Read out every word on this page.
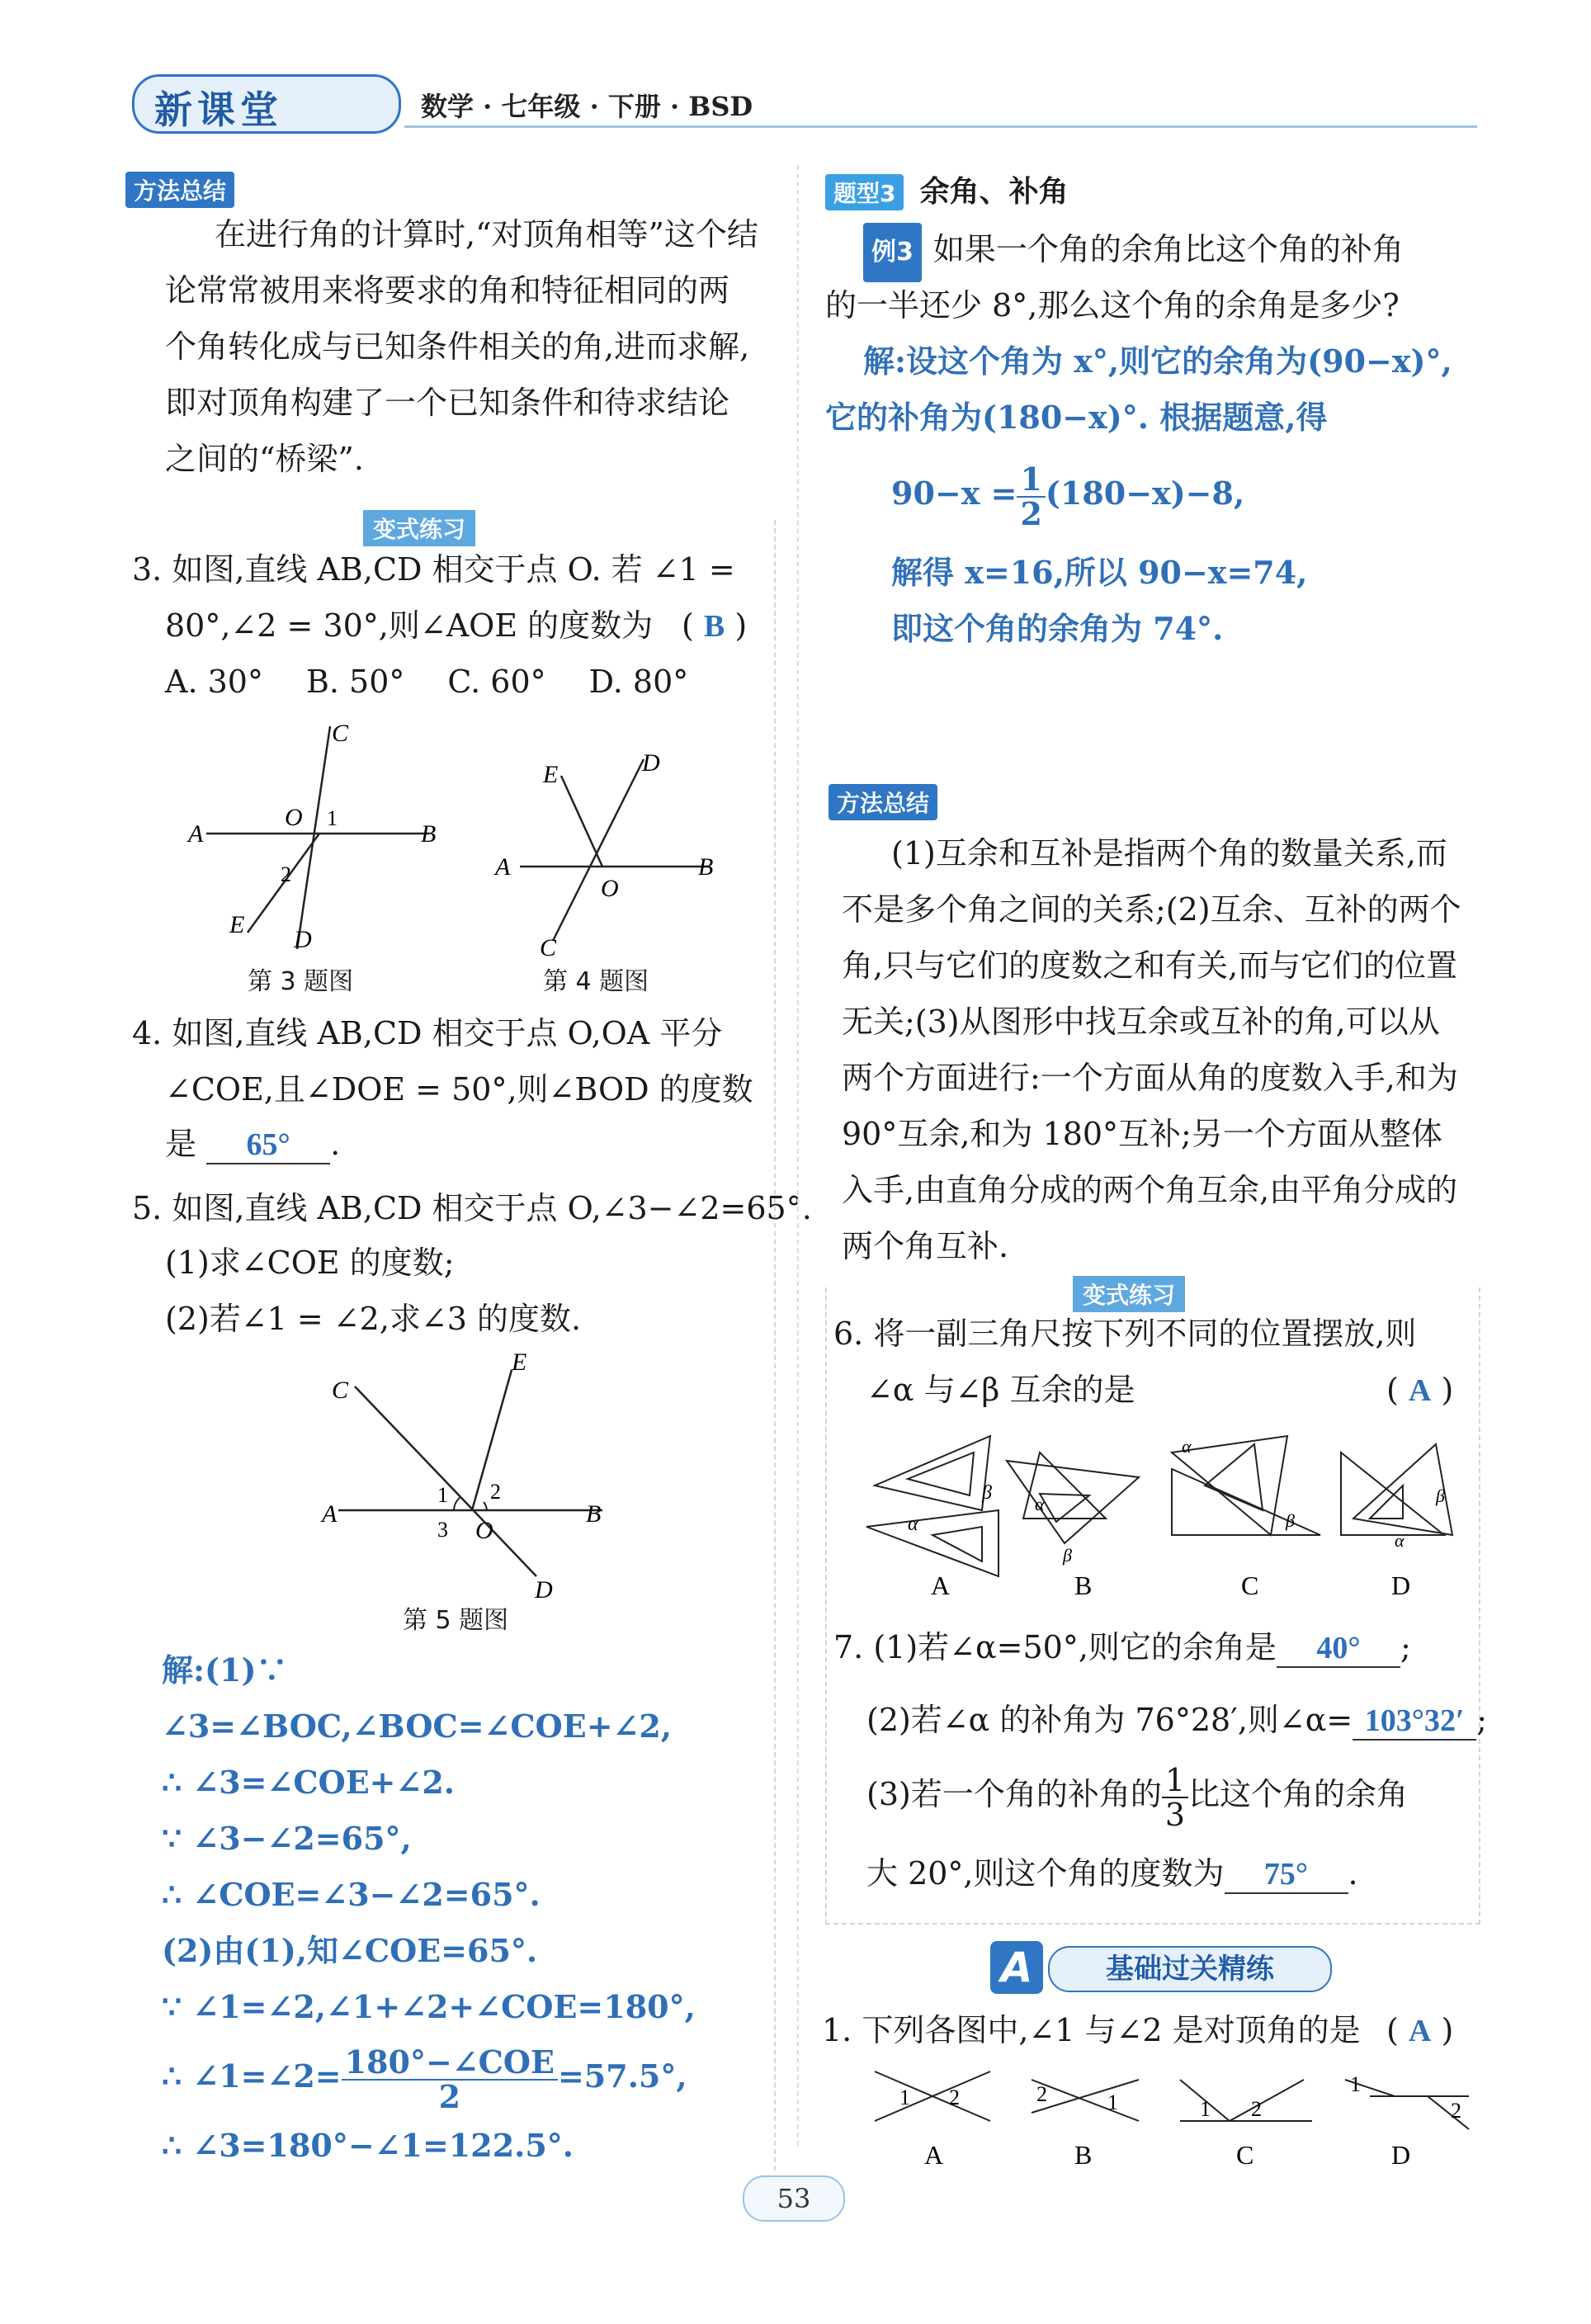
新课堂	数学 · 七年级 · 下册 · BSD
方法总结
在进行角的计算时,“对顶角相等”这个结论常常被用来将要求的角和特征相同的两个角转化成与已知条件相关的角,进而求解,即对顶角构建了一个已知条件和待求结论之间的“桥梁”.
变式练习
3. 如图,直线 AB,CD 相交于点 O. 若 ∠1 =
80°,∠2 = 30°,则∠AOE 的度数为 ( B )
A. 30° B. 50° C. 60° D. 80°
A	B
C
D
E
O 1
2
第 3 题图
A	B
C
D
E
O
第 4 题图
4. 如图,直线 AB,CD 相交于点 O,OA 平分
∠COE,且∠DOE = 50°,则∠BOD 的度数
是 65° .
5. 如图,直线 AB,CD 相交于点 O,∠3−∠2=65°.
(1)求∠COE 的度数;
(2)若∠1 = ∠2,求∠3 的度数.
A	B
C
D
E
O
1 2
3
第 5 题图
解:(1)∵ ∠3=∠BOC,∠BOC=∠COE+∠2,
∴ ∠3=∠COE+∠2.
∵ ∠3−∠2=65°,
∴ ∠COE=∠3−∠2=65°.
(2)由(1),知∠COE=65°.
∵ ∠1=∠2,∠1+∠2+∠COE=180°,
∴ ∠1=∠2= $\frac{\text{180°−∠COE}}{2} =57.5^\circ$,
∴ ∠3=180°−∠1=122.5°.
题型3 余角、补角
例3 如果一个角的余角比这个角的补角
的一半还少 8°,那么这个角的余角是多少?
解:设这个角为 x°,则它的余角为(90−x)°,
它的补角为(180−x)°. 根据题意,得
$90-x = \frac{1}{2} (180-x)-8$,
解得 x=16,所以 90−x=74,
即这个角的余角为 74°.
方法总结
(1)互余和互补是指两个角的数量关系,而不是多个角之间的关系;(2)互余、互补的两个角,只与它们的度数之和有关,而与它们的位置无关;(3)从图形中找互余或互补的角,可以从两个方面进行:一个方面从角的度数入手,和为 90°互余,和为 180°互补;另一个方面从整体入手,由直角分成的两个角互余,由平角分成的两个角互补.
变式练习
6. 将一副三角尺按下列不同的位置摆放,则
∠α 与∠β 互余的是	( A )
α
β
α
β
α
β
α
β
A	B	C	D
7. (1)若∠α=50°,则它的余角是 40° ;
(2)若∠α 的补角为 76°28′,则∠α= 103°32′ ;
(3)若一个角的补角的 $\frac{1}{3}$ 比这个角的余角
大 20°,则这个角的度数为 75° .
A	基础过关精练
1. 下列各图中,∠1 与∠2 是对顶角的是 ( A )
1 2	2	1	1 2
1
2
A	B	C	D
53
